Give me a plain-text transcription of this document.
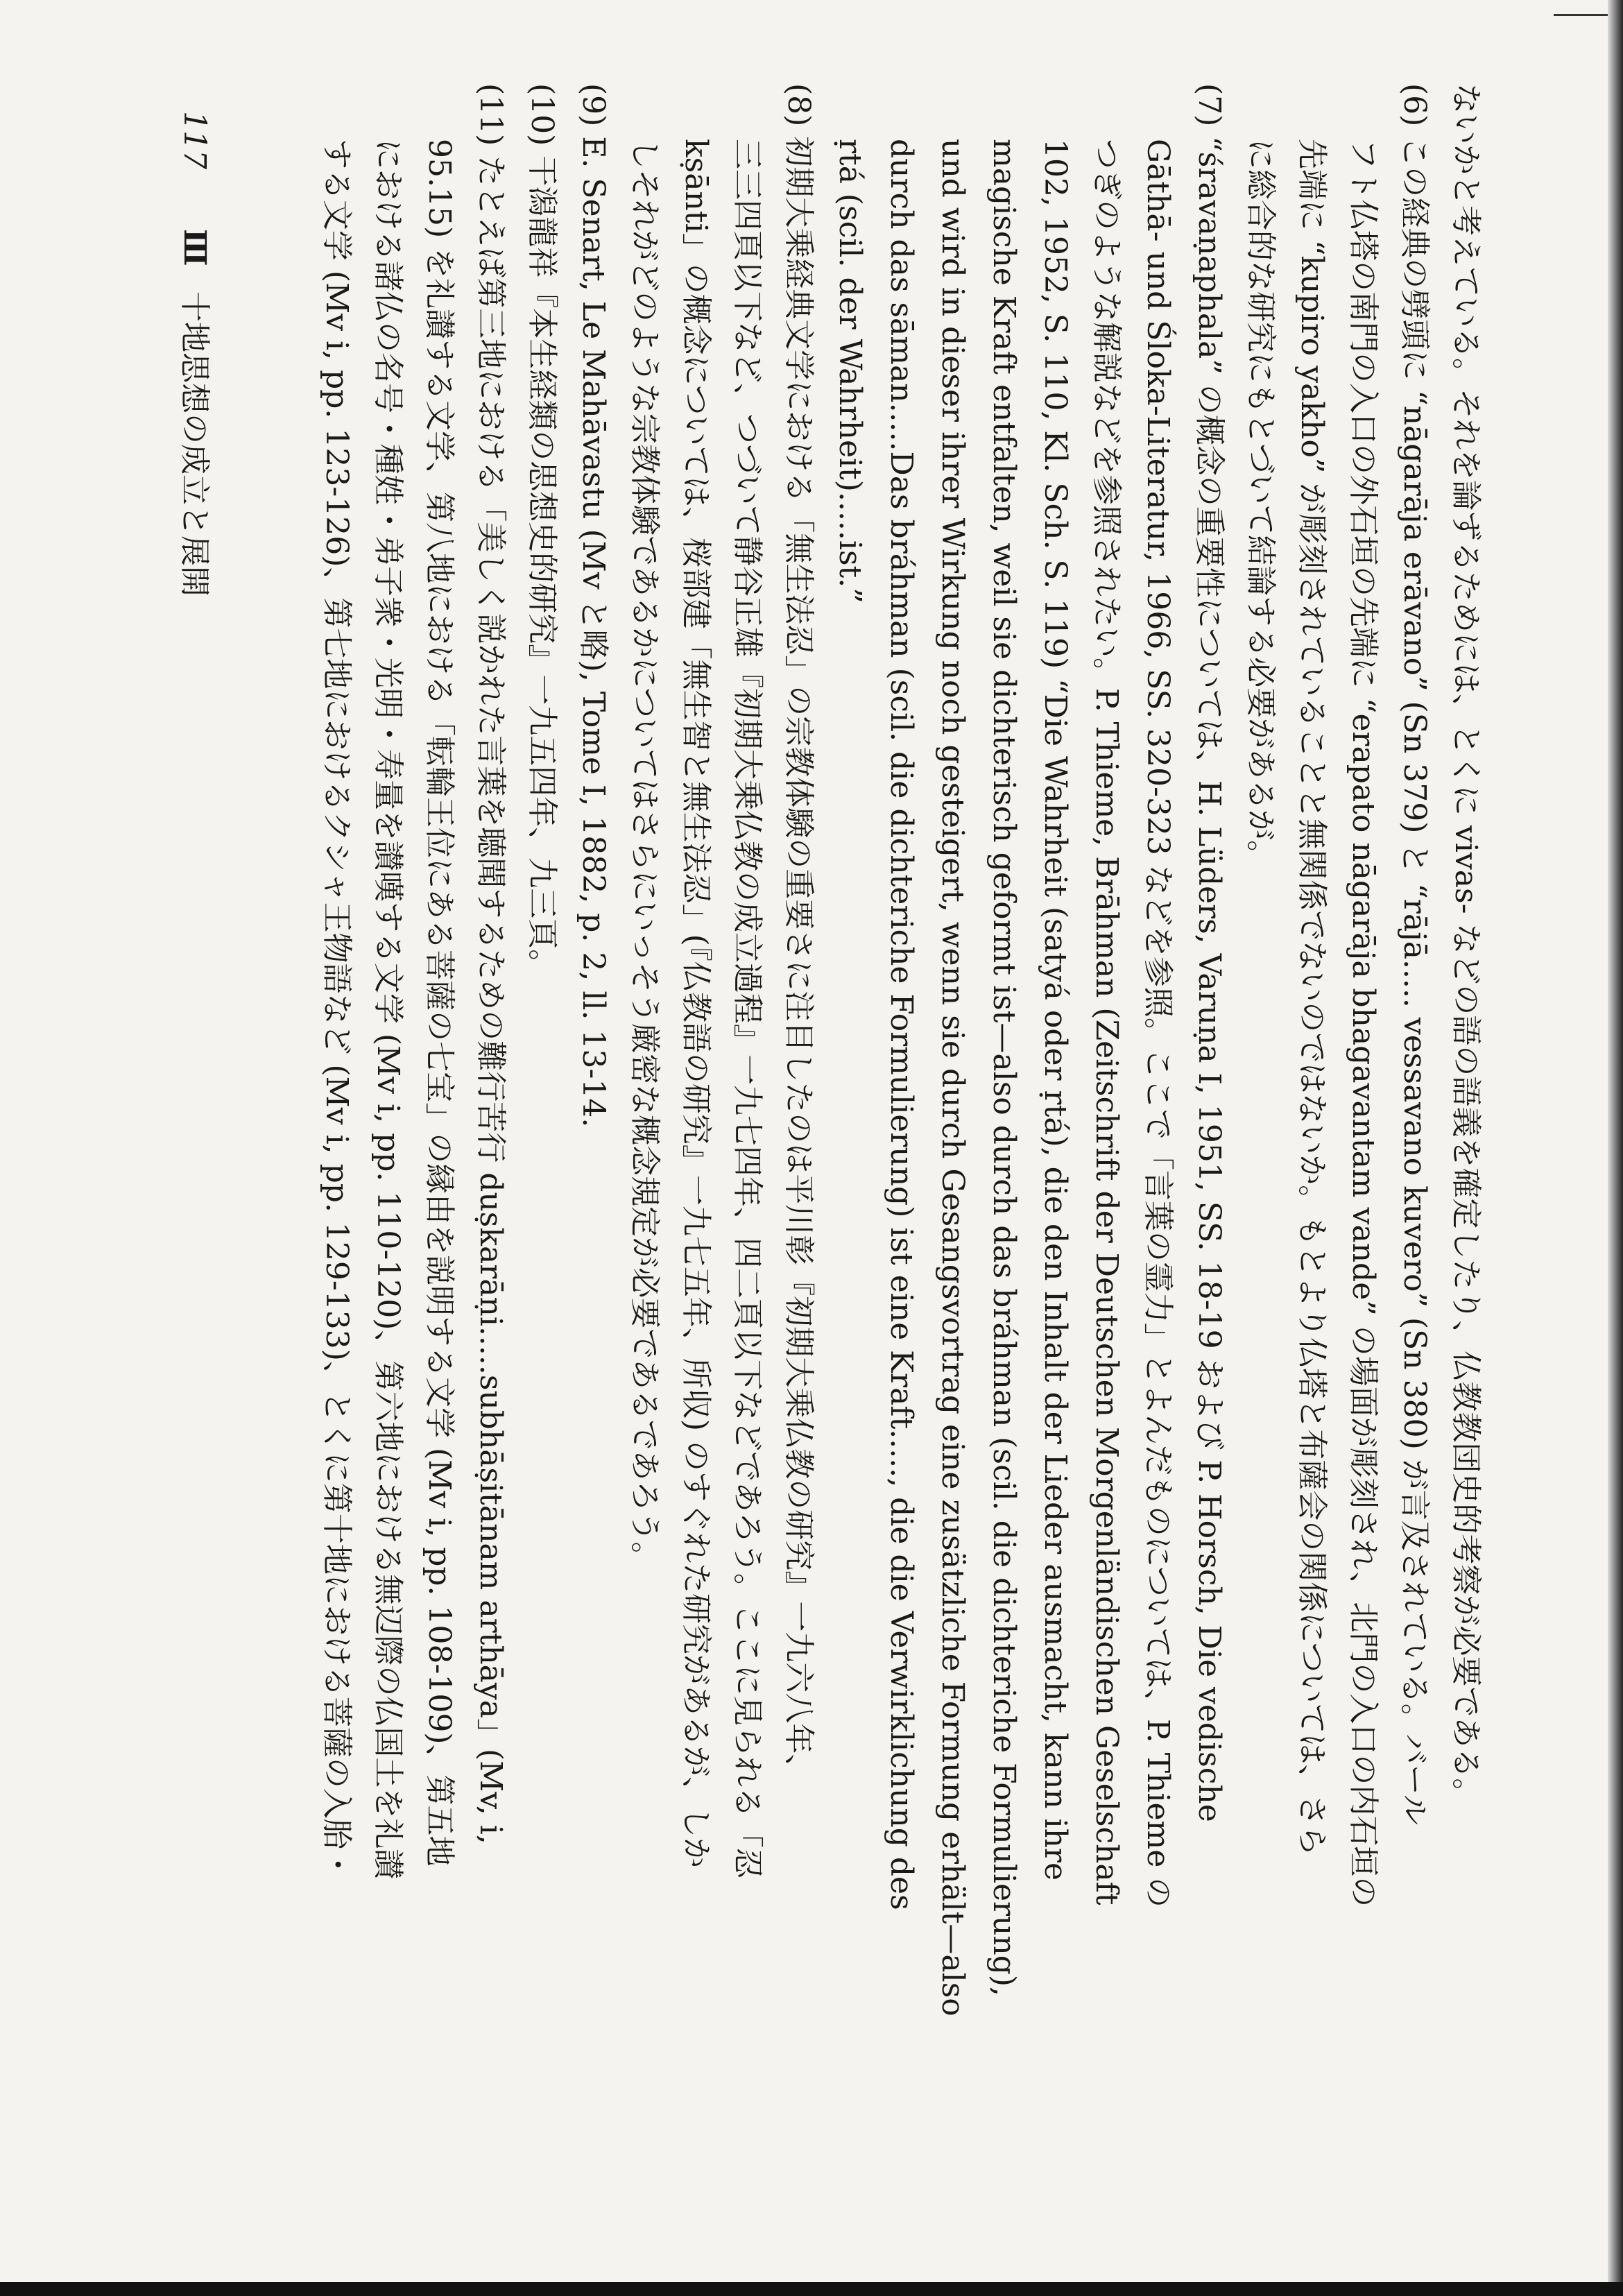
ないかと考えている。それを論ずるためには、とくに vivas- などの語の語義を確定したり、仏教教団史的考察が必要である。
(6) この経典の劈頭に “nāgarāja erāvano” (Sn 379) と “rājā..... vessavano kuvero” (Sn 380) が言及されている。バール
フト仏塔の南門の入口の外石垣の先端に “erapato nāgarāja bhagavantam vande” の場面が彫刻され、北門の入口の内石垣の
先端に “kupiro yakho” が彫刻されていることと無関係でないのではないか。もとより仏塔と布薩会の関係については、さら
に総合的な研究にもとづいて結論する必要があるが。
(7) “śravaṇaphala” の概念の重要性については、H. Lüders, Varuṇa I, 1951, SS. 18-19 および P. Horsch, Die vedische
Gāthā- und Śloka-Literatur, 1966, SS. 320-323 などを参照。ここで「言葉の霊力」とよんだものについては、P. Thieme の
つぎのような解説などを参照されたい。P. Thieme, Brāhman (Zeitschrift der Deutschen Morgenländischen Geselschaft
102, 1952, S. 110, Kl. Sch. S. 119) “Die Wahrheit (satyá oder ṛtá), die den Inhalt der Lieder ausmacht, kann ihre
magische Kraft entfalten, weil sie dichterisch geformt ist—also durch das bráhman (scil. die dichteriche Formulierung),
und wird in dieser ihrer Wirkung noch gesteigert, wenn sie durch Gesangsvortrag eine zusätzliche Formung erhält—also
durch das sāman.....Das bráhman (scil. die dichteriche Formulierung) ist eine Kraft....., die die Verwirklichung des
ṛtá (scil. der Wahrheit).....ist.”
(8) 初期大乗経典文学における「無生法忍」の宗教体験の重要さに注目したのは平川彰『初期大乗仏教の研究』一九六八年、
三三四頁以下など、つづいて静谷正雄『初期大乗仏教の成立過程』一九七四年、四二頁以下などであろう。ここに見られる「忍
kṣānti」の概念については、桜部建「無生智と無生法忍」(『仏教語の研究』一九七五年、所収) のすぐれた研究があるが、しか
しそれがどのような宗教体験であるかについてはさらにいっそう厳密な概念規定が必要であるであろう。
(9) E. Senart, Le Mahāvastu (Mv と略), Tome I, 1882, p. 2, ll. 13-14.
(10) 干潟龍祥『本生経類の思想史的研究』一九五四年、九三頁。
(11) たとえば第三地における「美しく説かれた言葉を聴聞するための難行苦行 duṣkarāṇi.....subhāṣitānam arthāya」(Mv, i,
95.15) を礼讃する文学、第八地における「転輪王位にある菩薩の七宝」の縁由を説明する文学 (Mv i, pp. 108-109)、第五地
における諸仏の名号・種姓・弟子衆・光明・寿量を讃嘆する文学 (Mv i, pp. 110-120)、第六地における無辺際の仏国土を礼讃
する文学 (Mv i, pp. 123-126)、第七地におけるクシャ王物語など (Mv i, pp. 129-133)、とくに第十地における菩薩の入胎・
117
Ⅲ
十地思想の成立と展開
